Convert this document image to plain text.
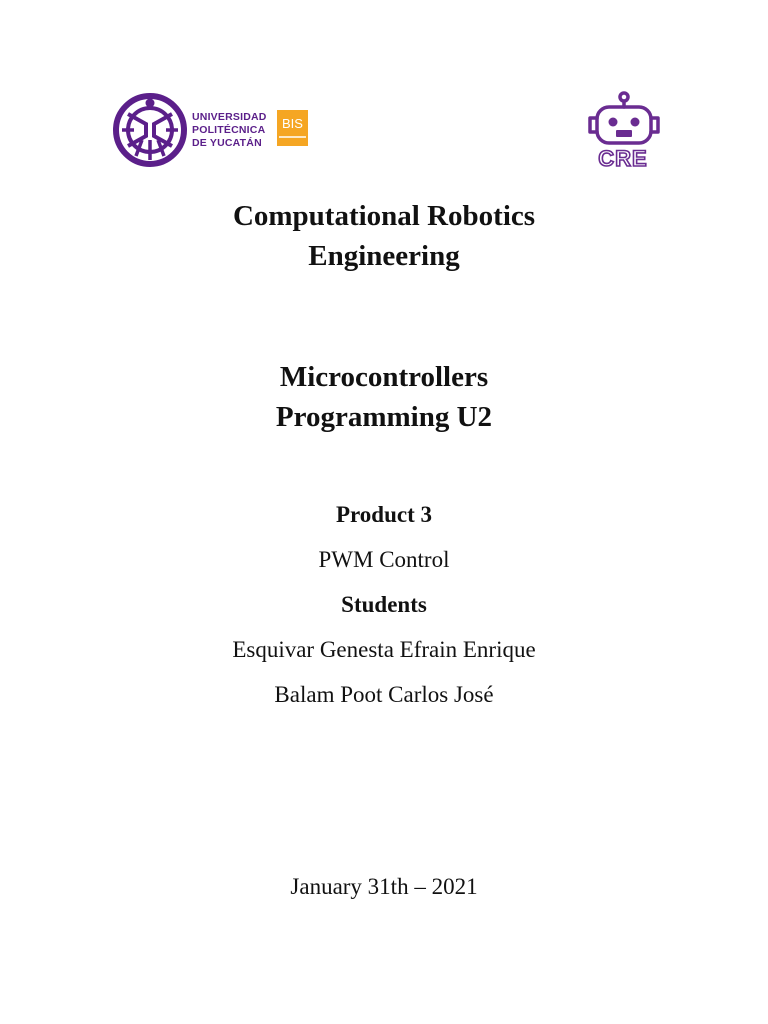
UNIVERSIDAD
POLITÉCNICA
DE YUCATÁN
BIS
CRE
Computational Robotics
Engineering
Microcontrollers
Programming U2
Product 3
PWM Control
Students
Esquivar Genesta Efrain Enrique
Balam Poot Carlos José
January 31th – 2021
